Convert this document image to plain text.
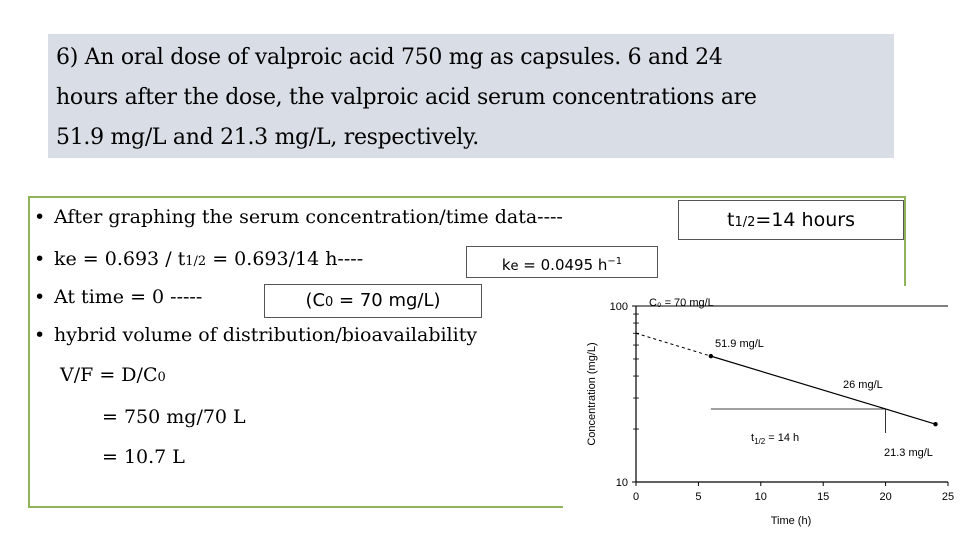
6) An oral dose of valproic acid 750 mg as capsules. 6 and 24
hours after the dose, the valproic acid serum concentrations are
51.9 mg/L and 21.3 mg/L, respectively.
• After graphing the serum concentration/time data----
• ke = 0.693 / t1/2 = 0.693/14 h----
• At time = 0 -----
• hybrid volume of distribution/bioavailability
V/F = D/C0
= 750 mg/70 L
= 10.7 L
t1/2=14 hours
ke = 0.0495 $h^{-1}$
(C0 = 70 mg/L)
0	5	10	15	20	25
10
100
Concentration (mg/L)
Time (h)
C₀ = 70 mg/L
51.9 mg/L
26 mg/L
21.3 mg/L
$t_{1/2} = 14$ h
